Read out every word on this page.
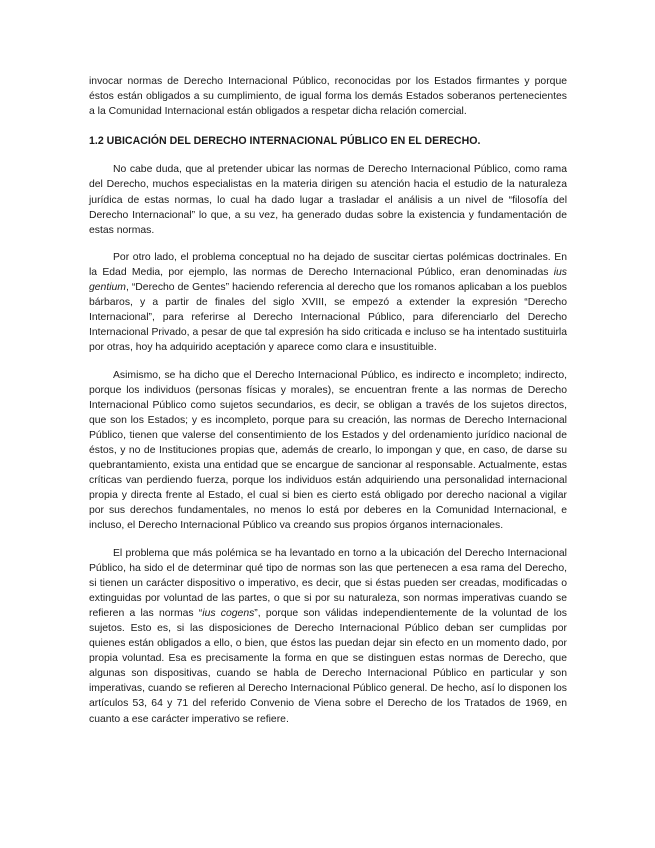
invocar normas de Derecho Internacional Público, reconocidas por los Estados firmantes y porque éstos están obligados a su cumplimiento, de igual forma los demás Estados soberanos pertenecientes a la Comunidad Internacional están obligados a respetar dicha relación comercial.

1.2 UBICACIÓN DEL DERECHO INTERNACIONAL PÚBLICO EN EL DERECHO.

No cabe duda, que al pretender ubicar las normas de Derecho Internacional Público, como rama del Derecho, muchos especialistas en la materia dirigen su atención hacia el estudio de la naturaleza jurídica de estas normas, lo cual ha dado lugar a trasladar el análisis a un nivel de “filosofía del Derecho Internacional” lo que, a su vez, ha generado dudas sobre la existencia y fundamentación de estas normas.

Por otro lado, el problema conceptual no ha dejado de suscitar ciertas polémicas doctrinales. En la Edad Media, por ejemplo, las normas de Derecho Internacional Público, eran denominadas ius gentium, “Derecho de Gentes” haciendo referencia al derecho que los romanos aplicaban a los pueblos bárbaros, y a partir de finales del siglo XVIII, se empezó a extender la expresión “Derecho Internacional”, para referirse al Derecho Internacional Público, para diferenciarlo del Derecho Internacional Privado, a pesar de que tal expresión ha sido criticada e incluso se ha intentado sustituirla por otras, hoy ha adquirido aceptación y aparece como clara e insustituible.

Asimismo, se ha dicho que el Derecho Internacional Público, es indirecto e incompleto; indirecto, porque los individuos (personas físicas y morales), se encuentran frente a las normas de Derecho Internacional Público como sujetos secundarios, es decir, se obligan a través de los sujetos directos, que son los Estados; y es incompleto, porque para su creación, las normas de Derecho Internacional Público, tienen que valerse del consentimiento de los Estados y del ordenamiento jurídico nacional de éstos, y no de Instituciones propias que, además de crearlo, lo impongan y que, en caso, de darse su quebrantamiento, exista una entidad que se encargue de sancionar al responsable. Actualmente, estas críticas van perdiendo fuerza, porque los individuos están adquiriendo una personalidad internacional propia y directa frente al Estado, el cual si bien es cierto está obligado por derecho nacional a vigilar por sus derechos fundamentales, no menos lo está por deberes en la Comunidad Internacional, e incluso, el Derecho Internacional Público va creando sus propios órganos internacionales.

El problema que más polémica se ha levantado en torno a la ubicación del Derecho Internacional Público, ha sido el de determinar qué tipo de normas son las que pertenecen a esa rama del Derecho, si tienen un carácter dispositivo o imperativo, es decir, que si éstas pueden ser creadas, modificadas o extinguidas por voluntad de las partes, o que si por su naturaleza, son normas imperativas cuando se refieren a las normas “ius cogens”, porque son válidas independientemente de la voluntad de los sujetos. Esto es, si las disposiciones de Derecho Internacional Público deban ser cumplidas por quienes están obligados a ello, o bien, que éstos las puedan dejar sin efecto en un momento dado, por propia voluntad. Esa es precisamente la forma en que se distinguen estas normas de Derecho, que algunas son dispositivas, cuando se habla de Derecho Internacional Público en particular y son imperativas, cuando se refieren al Derecho Internacional Público general. De hecho, así lo disponen los artículos 53, 64 y 71 del referido Convenio de Viena sobre el Derecho de los Tratados de 1969, en cuanto a ese carácter imperativo se refiere.
